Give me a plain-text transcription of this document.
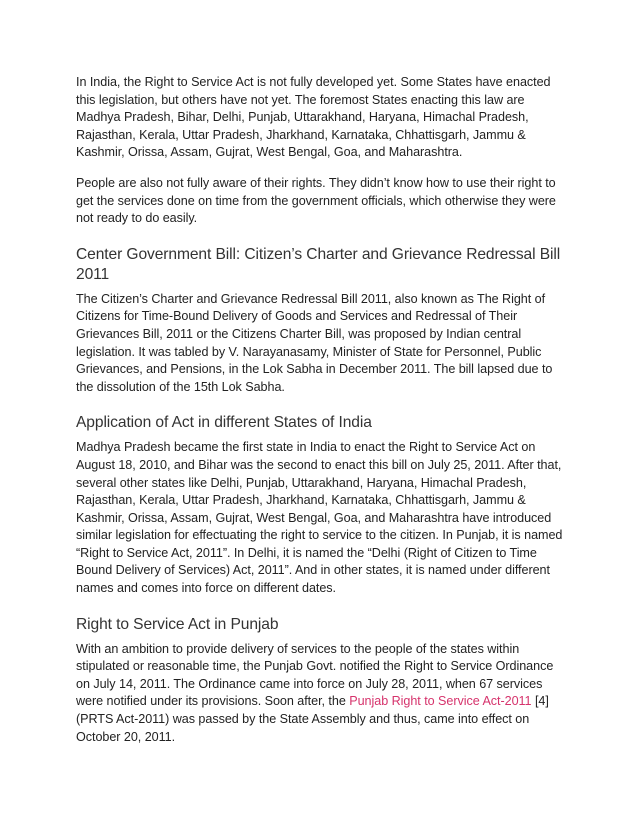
In India, the Right to Service Act is not fully developed yet. Some States have enacted this legislation, but others have not yet. The foremost States enacting this law are Madhya Pradesh, Bihar, Delhi, Punjab, Uttarakhand, Haryana, Himachal Pradesh, Rajasthan, Kerala, Uttar Pradesh, Jharkhand, Karnataka, Chhattisgarh, Jammu & Kashmir, Orissa, Assam, Gujrat, West Bengal, Goa, and Maharashtra.

People are also not fully aware of their rights. They didn’t know how to use their right to get the services done on time from the government officials, which otherwise they were not ready to do easily.

Center Government Bill: Citizen’s Charter and Grievance Redressal Bill 2011

The Citizen’s Charter and Grievance Redressal Bill 2011, also known as The Right of Citizens for Time-Bound Delivery of Goods and Services and Redressal of Their Grievances Bill, 2011 or the Citizens Charter Bill, was proposed by Indian central legislation. It was tabled by V. Narayanasamy, Minister of State for Personnel, Public Grievances, and Pensions, in the Lok Sabha in December 2011. The bill lapsed due to the dissolution of the 15th Lok Sabha.

Application of Act in different States of India

Madhya Pradesh became the first state in India to enact the Right to Service Act on August 18, 2010, and Bihar was the second to enact this bill on July 25, 2011. After that, several other states like Delhi, Punjab, Uttarakhand, Haryana, Himachal Pradesh, Rajasthan, Kerala, Uttar Pradesh, Jharkhand, Karnataka, Chhattisgarh, Jammu & Kashmir, Orissa, Assam, Gujrat, West Bengal, Goa, and Maharashtra have introduced similar legislation for effectuating the right to service to the citizen. In Punjab, it is named “Right to Service Act, 2011”. In Delhi, it is named the “Delhi (Right of Citizen to Time Bound Delivery of Services) Act, 2011”. And in other states, it is named under different names and comes into force on different dates.

Right to Service Act in Punjab

With an ambition to provide delivery of services to the people of the states within stipulated or reasonable time, the Punjab Govt. notified the Right to Service Ordinance on July 14, 2011. The Ordinance came into force on July 28, 2011, when 67 services were notified under its provisions. Soon after, the Punjab Right to Service Act-2011 [4] (PRTS Act-2011) was passed by the State Assembly and thus, came into effect on October 20, 2011.
